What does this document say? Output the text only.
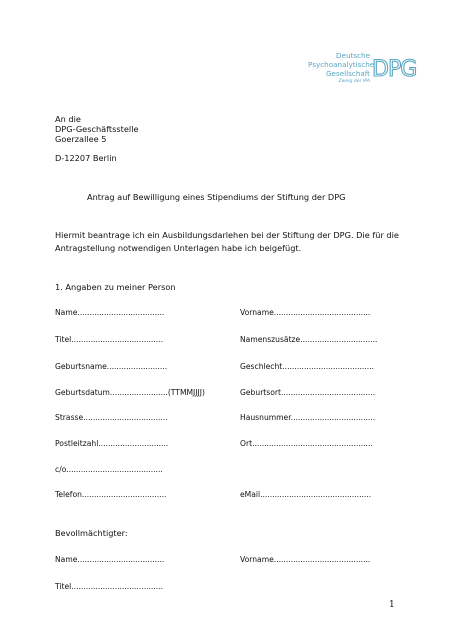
Deutsche
Psychoanalytische
Gesellschaft
Zweig der IPA DPG
An die
DPG-Geschäftsstelle
Goerzallee 5
D-12207 Berlin
Antrag auf Bewilligung eines Stipendiums der Stiftung der DPG
Hiermit beantrage ich ein Ausbildungsdarlehen bei der Stiftung der DPG. Die für die
Antragstellung notwendigen Unterlagen habe ich beigefügt.
1. Angaben zu meiner Person
Name....................................	Vorname........................................
Titel......................................	Namenszusätze................................
Geburtsname.........................	Geschlecht......................................
Geburtsdatum........................(TTMMJJJJ)	Geburtsort.......................................
Strasse...................................	Hausnummer...................................
Postleitzahl.............................	Ort..................................................
c/o........................................
Telefon...................................	eMail..............................................
Bevollmächtigter:
Name....................................	Vorname........................................
Titel......................................
1
